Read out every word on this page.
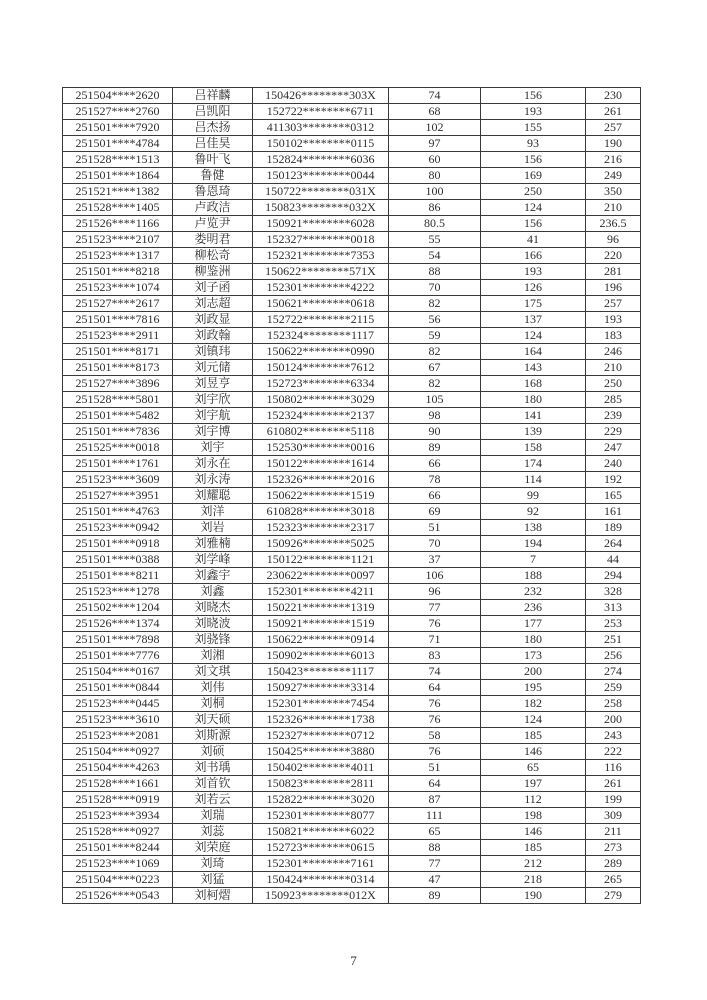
251504****2620	吕祥麟	150426********303X	74	156	230
251527****2760	吕凯阳	152722********6711	68	193	261
251501****7920	吕杰扬	411303********0312	102	155	257
251501****4784	吕佳昊	150102********0115	97	93	190
251528****1513	鲁叶飞	152824********6036	60	156	216
251501****1864	鲁健	150123********0044	80	169	249
251521****1382	鲁恩琦	150722********031X	100	250	350
251528****1405	卢政洁	150823********032X	86	124	210
251526****1166	卢览尹	150921********6028	80.5	156	236.5
251523****2107	娄明君	152327********0018	55	41	96
251523****1317	柳松奇	152321********7353	54	166	220
251501****8218	柳鉴洲	150622********571X	88	193	281
251523****1074	刘子函	152301********4222	70	126	196
251527****2617	刘志超	150621********0618	82	175	257
251501****7816	刘政显	152722********2115	56	137	193
251523****2911	刘政翰	152324********1117	59	124	183
251501****8171	刘镇玮	150622********0990	82	164	246
251501****8173	刘元储	150124********7612	67	143	210
251527****3896	刘昱亨	152723********6334	82	168	250
251528****5801	刘宇欣	150802********3029	105	180	285
251501****5482	刘宇航	152324********2137	98	141	239
251501****7836	刘宇博	610802********5118	90	139	229
251525****0018	刘宇	152530********0016	89	158	247
251501****1761	刘永在	150122********1614	66	174	240
251523****3609	刘永涛	152326********2016	78	114	192
251527****3951	刘耀聪	150622********1519	66	99	165
251501****4763	刘洋	610828********3018	69	92	161
251523****0942	刘岩	152323********2317	51	138	189
251501****0918	刘雅楠	150926********5025	70	194	264
251501****0388	刘学峰	150122********1121	37	7	44
251501****8211	刘鑫宇	230622********0097	106	188	294
251523****1278	刘鑫	152301********4211	96	232	328
251502****1204	刘晓杰	150221********1319	77	236	313
251526****1374	刘晓波	150921********1519	76	177	253
251501****7898	刘骁锋	150622********0914	71	180	251
251501****7776	刘湘	150902********6013	83	173	256
251504****0167	刘文琪	150423********1117	74	200	274
251501****0844	刘伟	150927********3314	64	195	259
251523****0445	刘桐	152301********7454	76	182	258
251523****3610	刘天硕	152326********1738	76	124	200
251523****2081	刘斯源	152327********0712	58	185	243
251504****0927	刘硕	150425********3880	76	146	222
251504****4263	刘书瑀	150402********4011	51	65	116
251528****1661	刘首钦	150823********2811	64	197	261
251528****0919	刘若云	152822********3020	87	112	199
251523****3934	刘瑞	152301********8077	111	198	309
251528****0927	刘蕊	150821********6022	65	146	211
251501****8244	刘荣庭	152723********0615	88	185	273
251523****1069	刘琦	152301********7161	77	212	289
251504****0223	刘猛	150424********0314	47	218	265
251526****0543	刘柯熠	150923********012X	89	190	279
7
